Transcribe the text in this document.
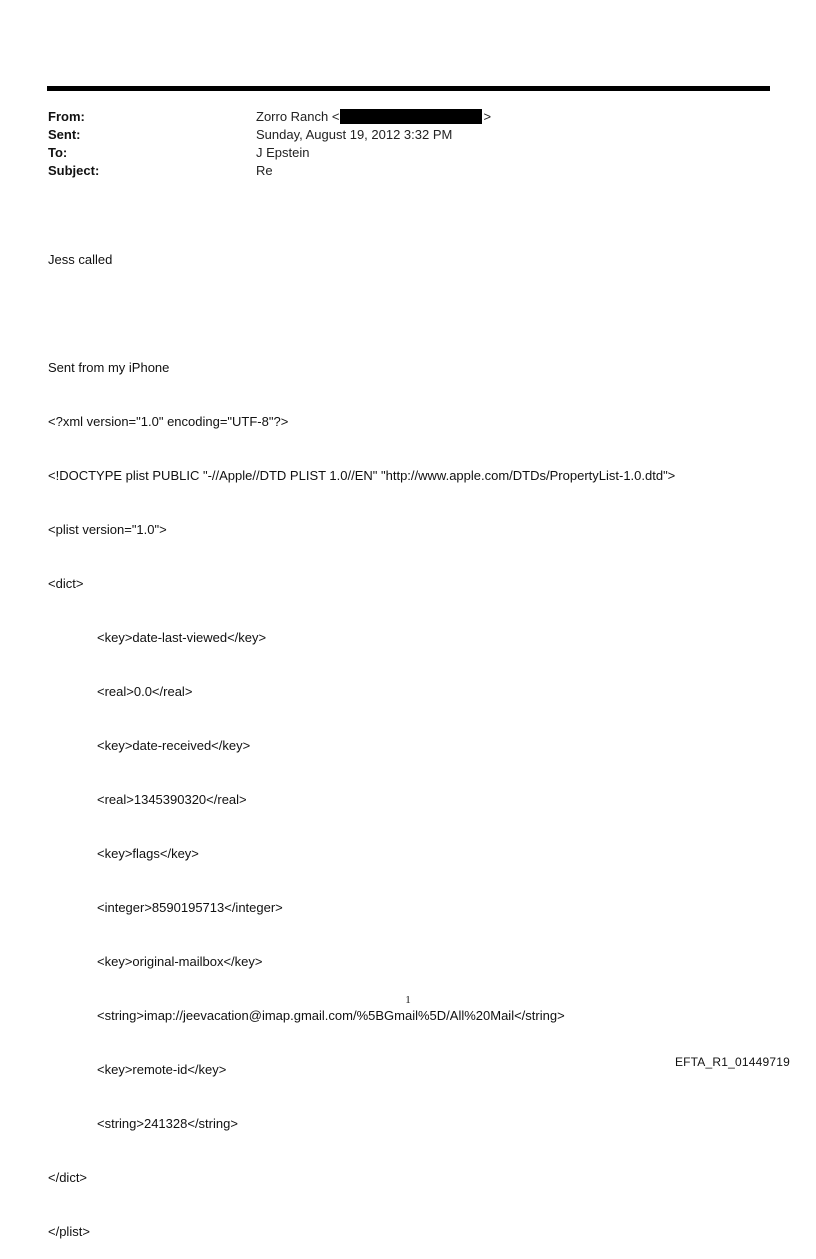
From:	Zorro Ranch <	>
Sent:	Sunday, August 19, 2012 3:32 PM
To:	J Epstein
Subject:	Re

Jess called

Sent from my iPhone

<?xml version="1.0" encoding="UTF-8"?>

<!DOCTYPE plist PUBLIC "-//Apple//DTD PLIST 1.0//EN" "http://www.apple.com/DTDs/PropertyList-1.0.dtd">

<plist version="1.0">

<dict>

<key>date-last-viewed</key>

<real>0.0</real>

<key>date-received</key>

<real>1345390320</real>

<key>flags</key>

<integer>8590195713</integer>

<key>original-mailbox</key>

<string>imap://jeevacation@imap.gmail.com/%5BGmail%5D/All%20Mail</string>

<key>remote-id</key>

<string>241328</string>

</dict>

</plist>

1
EFTA_R1_01449719
